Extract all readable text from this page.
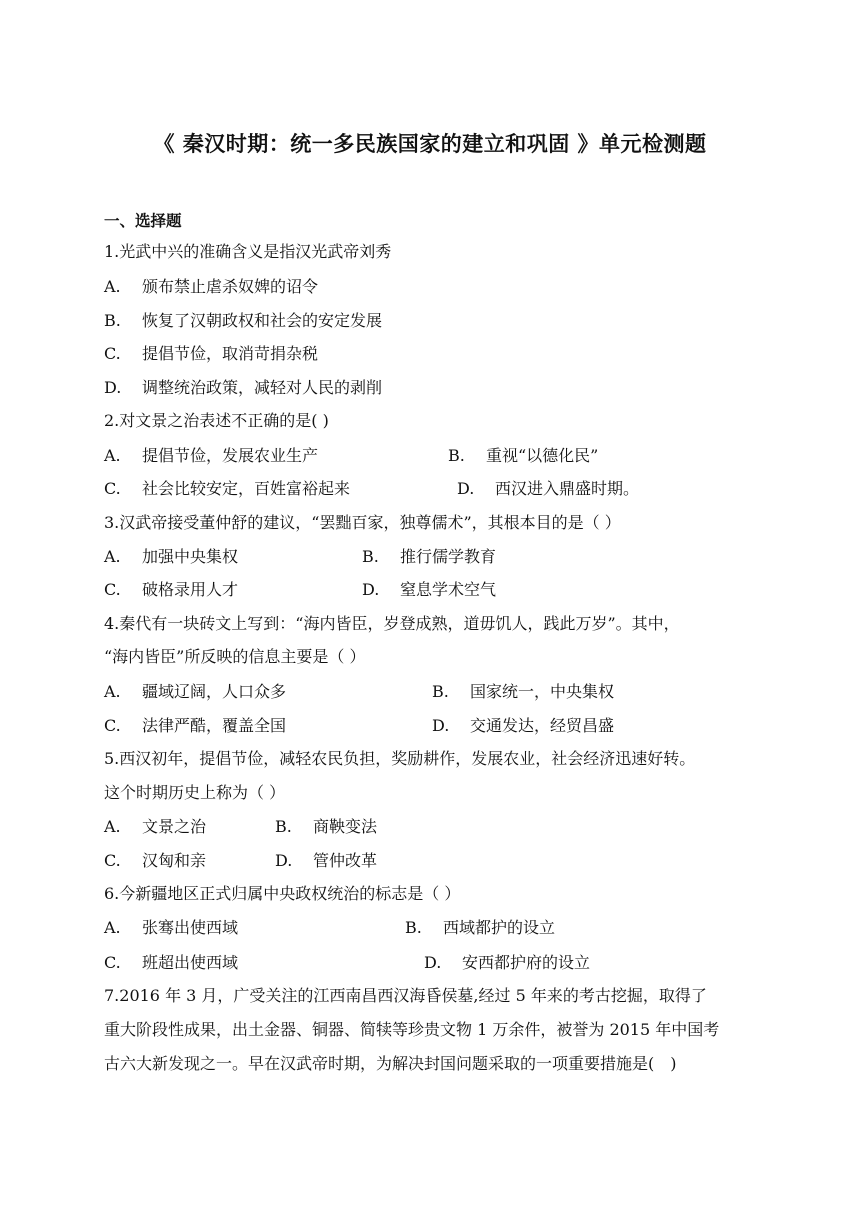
《 秦汉时期：统一多民族国家的建立和巩固 》单元检测题
一、选择题
1.光武中兴的准确含义是指汉光武帝刘秀
A. 颁布禁止虐杀奴婢的诏令
B. 恢复了汉朝政权和社会的安定发展
C. 提倡节俭，取消苛捐杂税
D. 调整统治政策，减轻对人民的剥削
2.对文景之治表述不正确的是( )
A. 提倡节俭，发展农业生产	B. 重视“以德化民”
C. 社会比较安定，百姓富裕起来	D. 西汉进入鼎盛时期。
3.汉武帝接受董仲舒的建议，“罢黜百家，独尊儒术”，其根本目的是（ ）
A. 加强中央集权	B. 推行儒学教育
C. 破格录用人才	D. 窒息学术空气
4.秦代有一块砖文上写到：“海内皆臣，岁登成熟，道毋饥人，践此万岁”。其中，
“海内皆臣”所反映的信息主要是（ ）
A. 疆域辽阔，人口众多	B. 国家统一，中央集权
C. 法律严酷，覆盖全国	D. 交通发达，经贸昌盛
5.西汉初年，提倡节俭，减轻农民负担，奖励耕作，发展农业，社会经济迅速好转。
这个时期历史上称为（ ）
A. 文景之治	B. 商鞅变法
C. 汉匈和亲	D. 管仲改革
6.今新疆地区正式归属中央政权统治的标志是（ ）
A. 张骞出使西域	B. 西域都护的设立
C. 班超出使西域	D. 安西都护府的设立
7.2016 年 3 月，广受关注的江西南昌西汉海昏侯墓,经过 5 年来的考古挖掘，取得了
重大阶段性成果，出土金器、铜器、简犊等珍贵文物 1 万余件，被誉为 2015 年中国考
古六大新发现之一。早在汉武帝时期，为解决封国问题采取的一项重要措施是(　)
